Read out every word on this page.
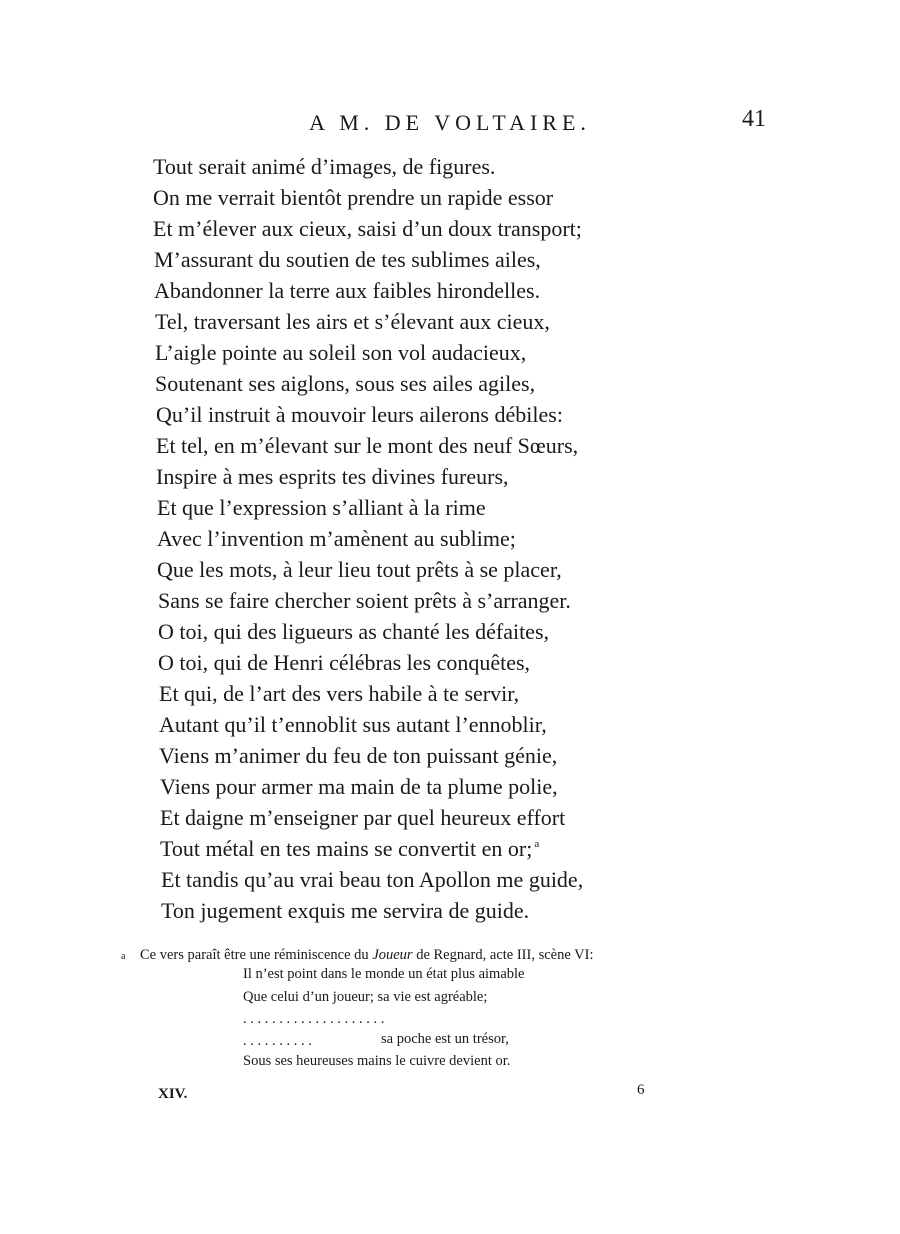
A M. DE VOLTAIRE.	41
Tout serait animé d’images, de figures.
On me verrait bientôt prendre un rapide essor
Et m’élever aux cieux, saisi d’un doux transport;
M’assurant du soutien de tes sublimes ailes,
Abandonner la terre aux faibles hirondelles.
Tel, traversant les airs et s’élevant aux cieux,
L’aigle pointe au soleil son vol audacieux,
Soutenant ses aiglons, sous ses ailes agiles,
Qu’il instruit à mouvoir leurs ailerons débiles:
Et tel, en m’élevant sur le mont des neuf Sœurs,
Inspire à mes esprits tes divines fureurs,
Et que l’expression s’alliant à la rime
Avec l’invention m’amènent au sublime;
Que les mots, à leur lieu tout prêts à se placer,
Sans se faire chercher soient prêts à s’arranger.
O toi, qui des ligueurs as chanté les défaites,
O toi, qui de Henri célébras les conquêtes,
Et qui, de l’art des vers habile à te servir,
Autant qu’il t’ennoblit sus autant l’ennoblir,
Viens m’animer du feu de ton puissant génie,
Viens pour armer ma main de ta plume polie,
Et daigne m’enseigner par quel heureux effort
Tout métal en tes mains se convertit en or; $^a$
Et tandis qu’au vrai beau ton Apollon me guide,
Ton jugement exquis me servira de guide.
a Ce vers paraît être une réminiscence du Joueur de Regnard, acte III, scène VI:
Il n’est point dans le monde un état plus aimable
Que celui d’un joueur; sa vie est agréable;
. . . . . . . . . . . . . . . . . . . .
. . . . . . . . . .	sa poche est un trésor,
Sous ses heureuses mains le cuivre devient or.
XIV.	6
